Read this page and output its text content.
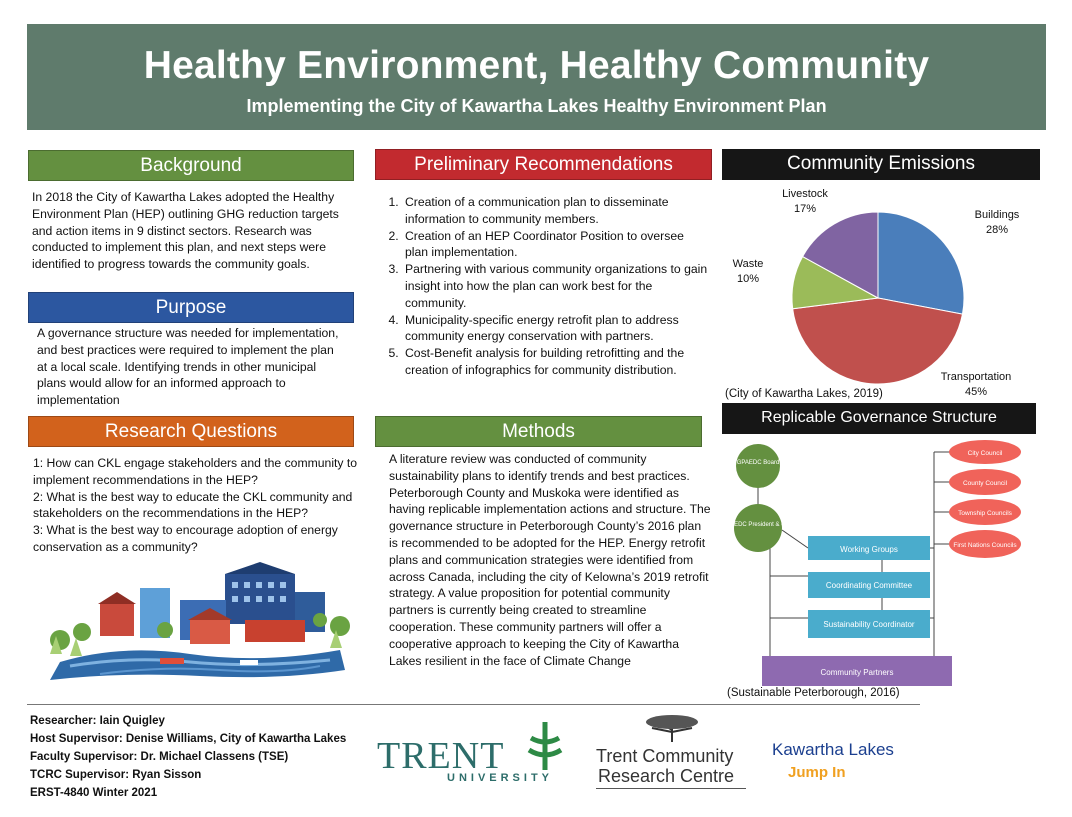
Healthy Environment, Healthy Community
Implementing the City of Kawartha Lakes Healthy Environment Plan
Background
In 2018 the City of Kawartha Lakes adopted the Healthy Environment Plan (HEP) outlining GHG reduction targets and action items in 9 distinct sectors. Research was conducted to implement this plan, and next steps were identified to progress towards the community goals.
Purpose
A governance structure was needed for implementation, and best practices were required to implement the plan at a local scale. Identifying trends in other municipal plans would allow for an informed approach to implementation
Research Questions
1: How can CKL engage stakeholders and the community to implement recommendations in the HEP?
2: What is the best way to educate the CKL community and stakeholders on the recommendations in the HEP?
3: What is the best way to encourage adoption of energy conservation as a community?
Preliminary Recommendations
1. Creation of a communication plan to disseminate information to community members.
2. Creation of an HEP Coordinator Position to oversee plan implementation.
3. Partnering with various community organizations to gain insight into how the plan can work best for the community.
4. Municipality-specific energy retrofit plan to address community energy conservation with partners.
5. Cost-Benefit analysis for building retrofitting and the creation of infographics for community distribution.
Methods
A literature review was conducted of community sustainability plans to identify trends and best practices. Peterborough County and Muskoka were identified as having replicable implementation actions and structure. The governance structure in Peterborough County’s 2016 plan is recommended to be adopted for the HEP. Energy retrofit plans and communication strategies were identified from across Canada, including the city of Kelowna’s 2019 retrofit strategy. A value proposition for potential community partners is currently being created to streamline cooperation. These community partners will offer a cooperative approach to keeping the City of Kawartha Lakes resilient in the face of Climate Change
Community Emissions
Livestock
17%	Buildings
28%
Waste
10%
Transportation
45%
(City of Kawartha Lakes, 2019)
Replicable Governance Structure
GPAEDC Board
GPAEDC President & CEO
Working Groups
Coordinating Committee
Sustainability Coordinator
City Council
County Council
Township Councils
First Nations Councils
Community Partners
(Sustainable Peterborough, 2016)
Researcher: Iain Quigley
Host Supervisor: Denise Williams, City of Kawartha Lakes
Faculty Supervisor: Dr. Michael Classens (TSE)
TCRC Supervisor: Ryan Sisson
ERST-4840 Winter 2021
TRENT
UNIVERSITY
Trent Community
Research Centre
Kawartha Lakes
Jump In
